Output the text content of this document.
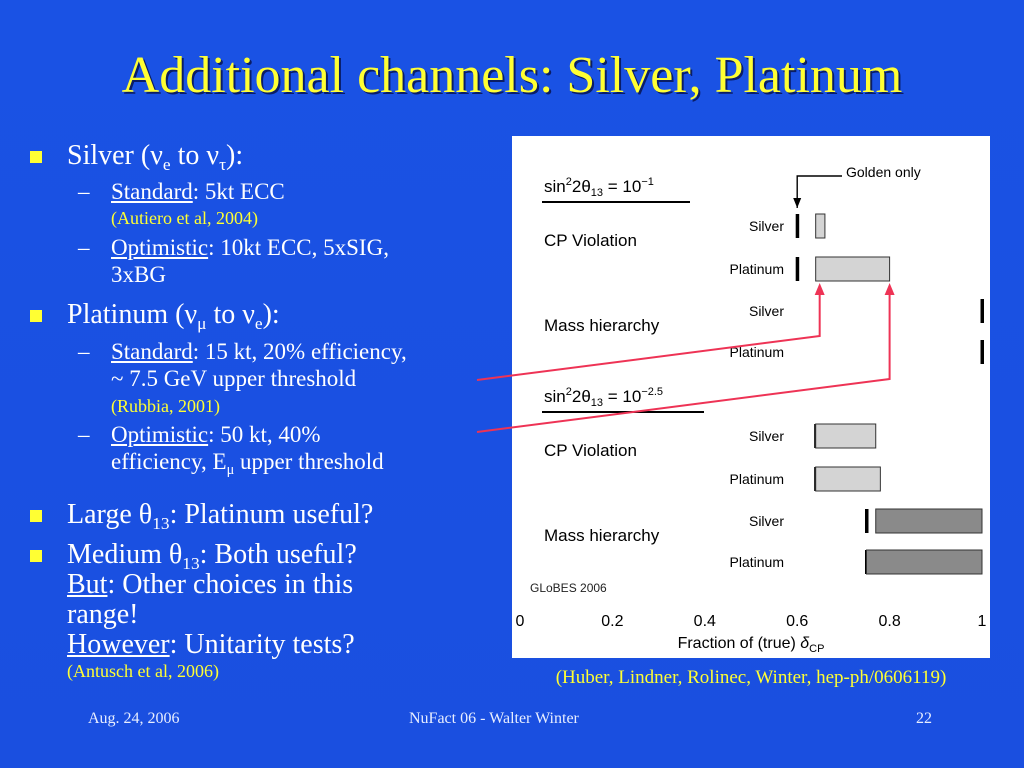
Additional channels: Silver, Platinum
Silver ($\nu_e$ to $\nu_\tau$):
– Standard: 5kt ECC
(Autiero et al, 2004)
– Optimistic: 10kt ECC, 5xSIG,
3xBG
Platinum ($\nu_\mu$ to $\nu_e$):
– Standard: 15 kt, 20% efficiency,
~ 7.5 GeV upper threshold
(Rubbia, 2001)
– Optimistic: 50 kt, 40%
efficiency, $E_\mu$ upper threshold
Large $\theta_{13}$: Platinum useful?
Medium $\theta_{13}$: Both useful?
But: Other choices in this
range!
However: Unitarity tests?
(Antusch et al, 2006)
$\sin^22\theta_{13} = 10^{-1}$
CP Violation
Silver
Platinum
Mass hierarchy
Silver
Platinum
$\sin^22\theta_{13} = 10^{-2.5}$
CP Violation
Silver
Platinum
Mass hierarchy
Silver
Platinum
Golden only
GLoBES 2006
0	0.2	0.4	0.6	0.8	1
Fraction of (true) $\delta_{CP}$
(Huber, Lindner, Rolinec, Winter, hep-ph/0606119)
Aug. 24, 2006	NuFact 06 - Walter Winter	22
